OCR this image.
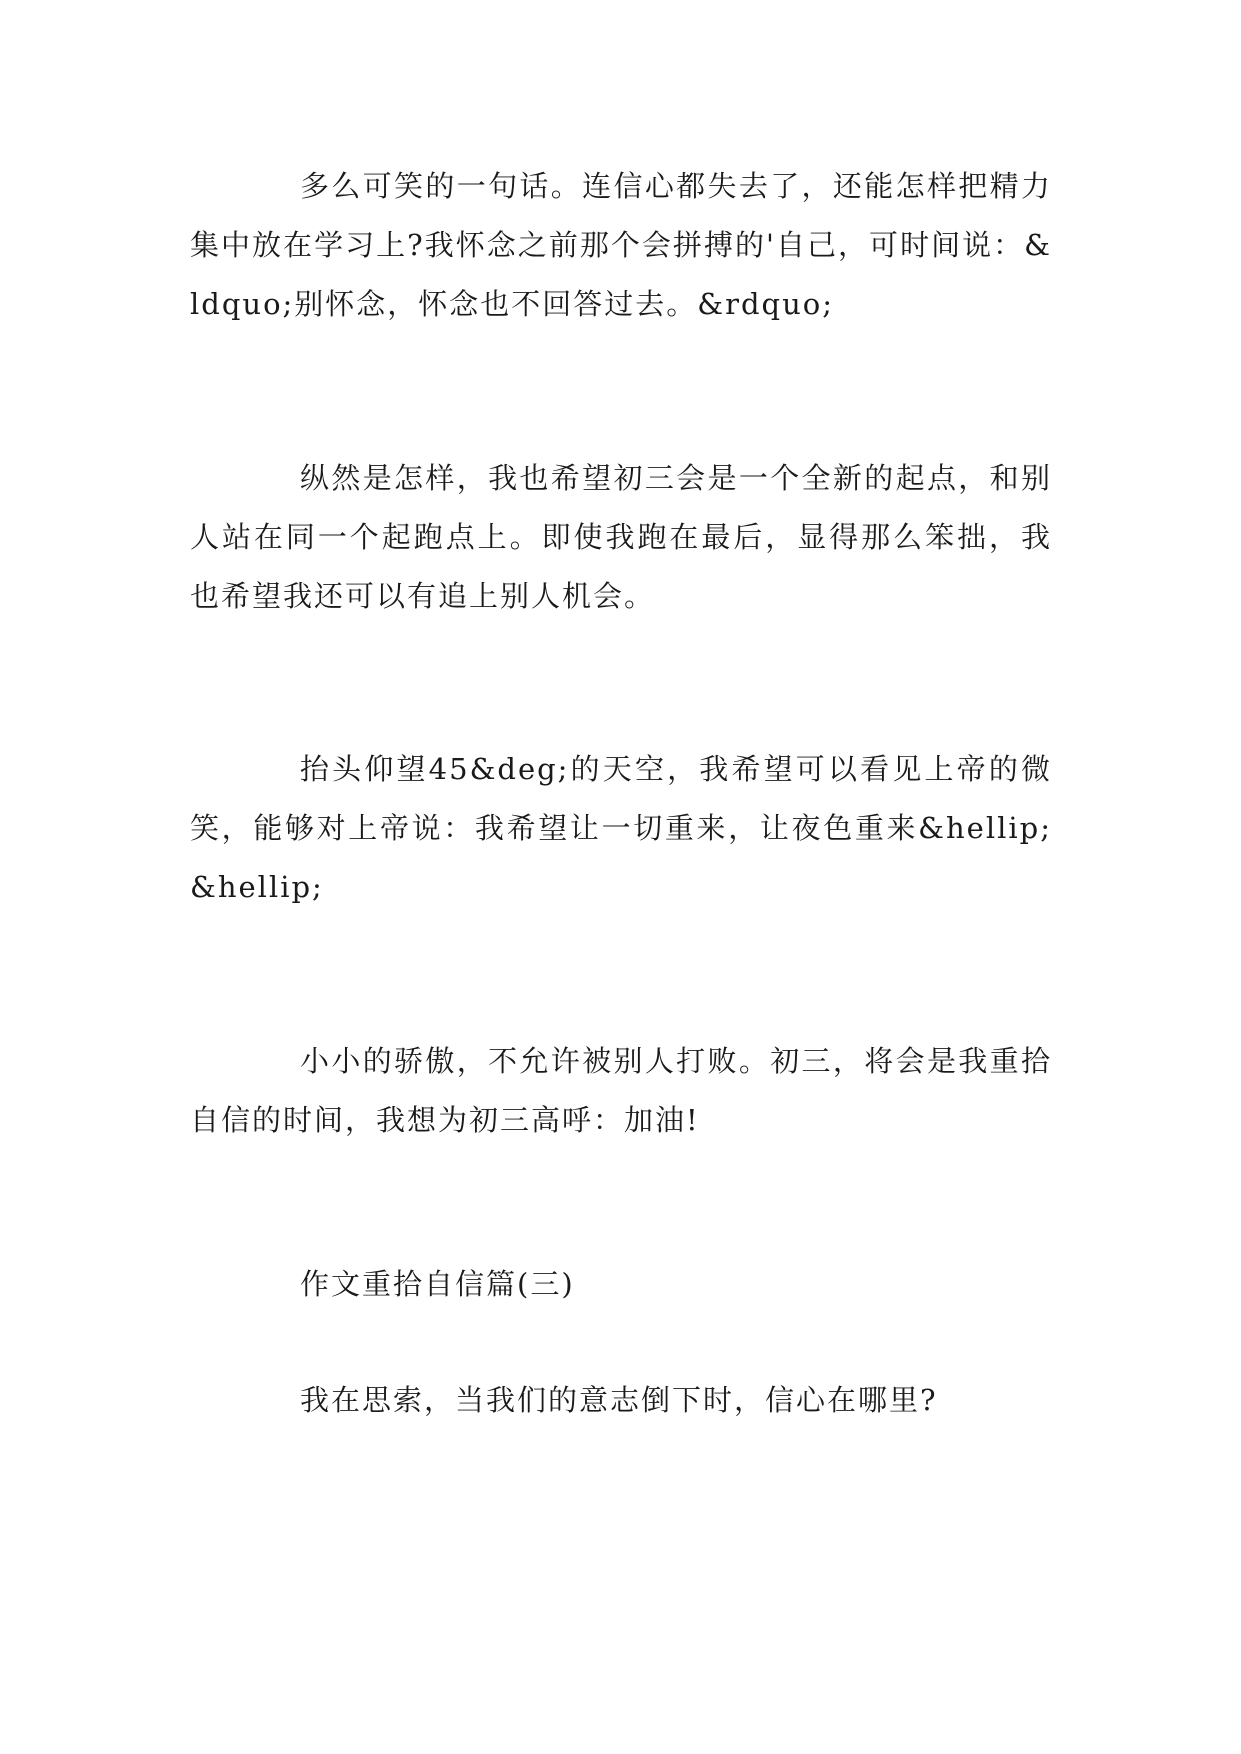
多么可笑的一句话。连信心都失去了，还能怎样把精力集中放在学习上?我怀念之前那个会拼搏的'自己，可时间说：&ldquo;别怀念，怀念也不回答过去。&rdquo;

纵然是怎样，我也希望初三会是一个全新的起点，和别人站在同一个起跑点上。即使我跑在最后，显得那么笨拙，我也希望我还可以有追上别人机会。

抬头仰望45&deg;的天空，我希望可以看见上帝的微笑，能够对上帝说：我希望让一切重来，让夜色重来&hellip;&hellip;

小小的骄傲，不允许被别人打败。初三，将会是我重拾自信的时间，我想为初三高呼：加油!

作文重拾自信篇(三)

我在思索，当我们的意志倒下时，信心在哪里?
